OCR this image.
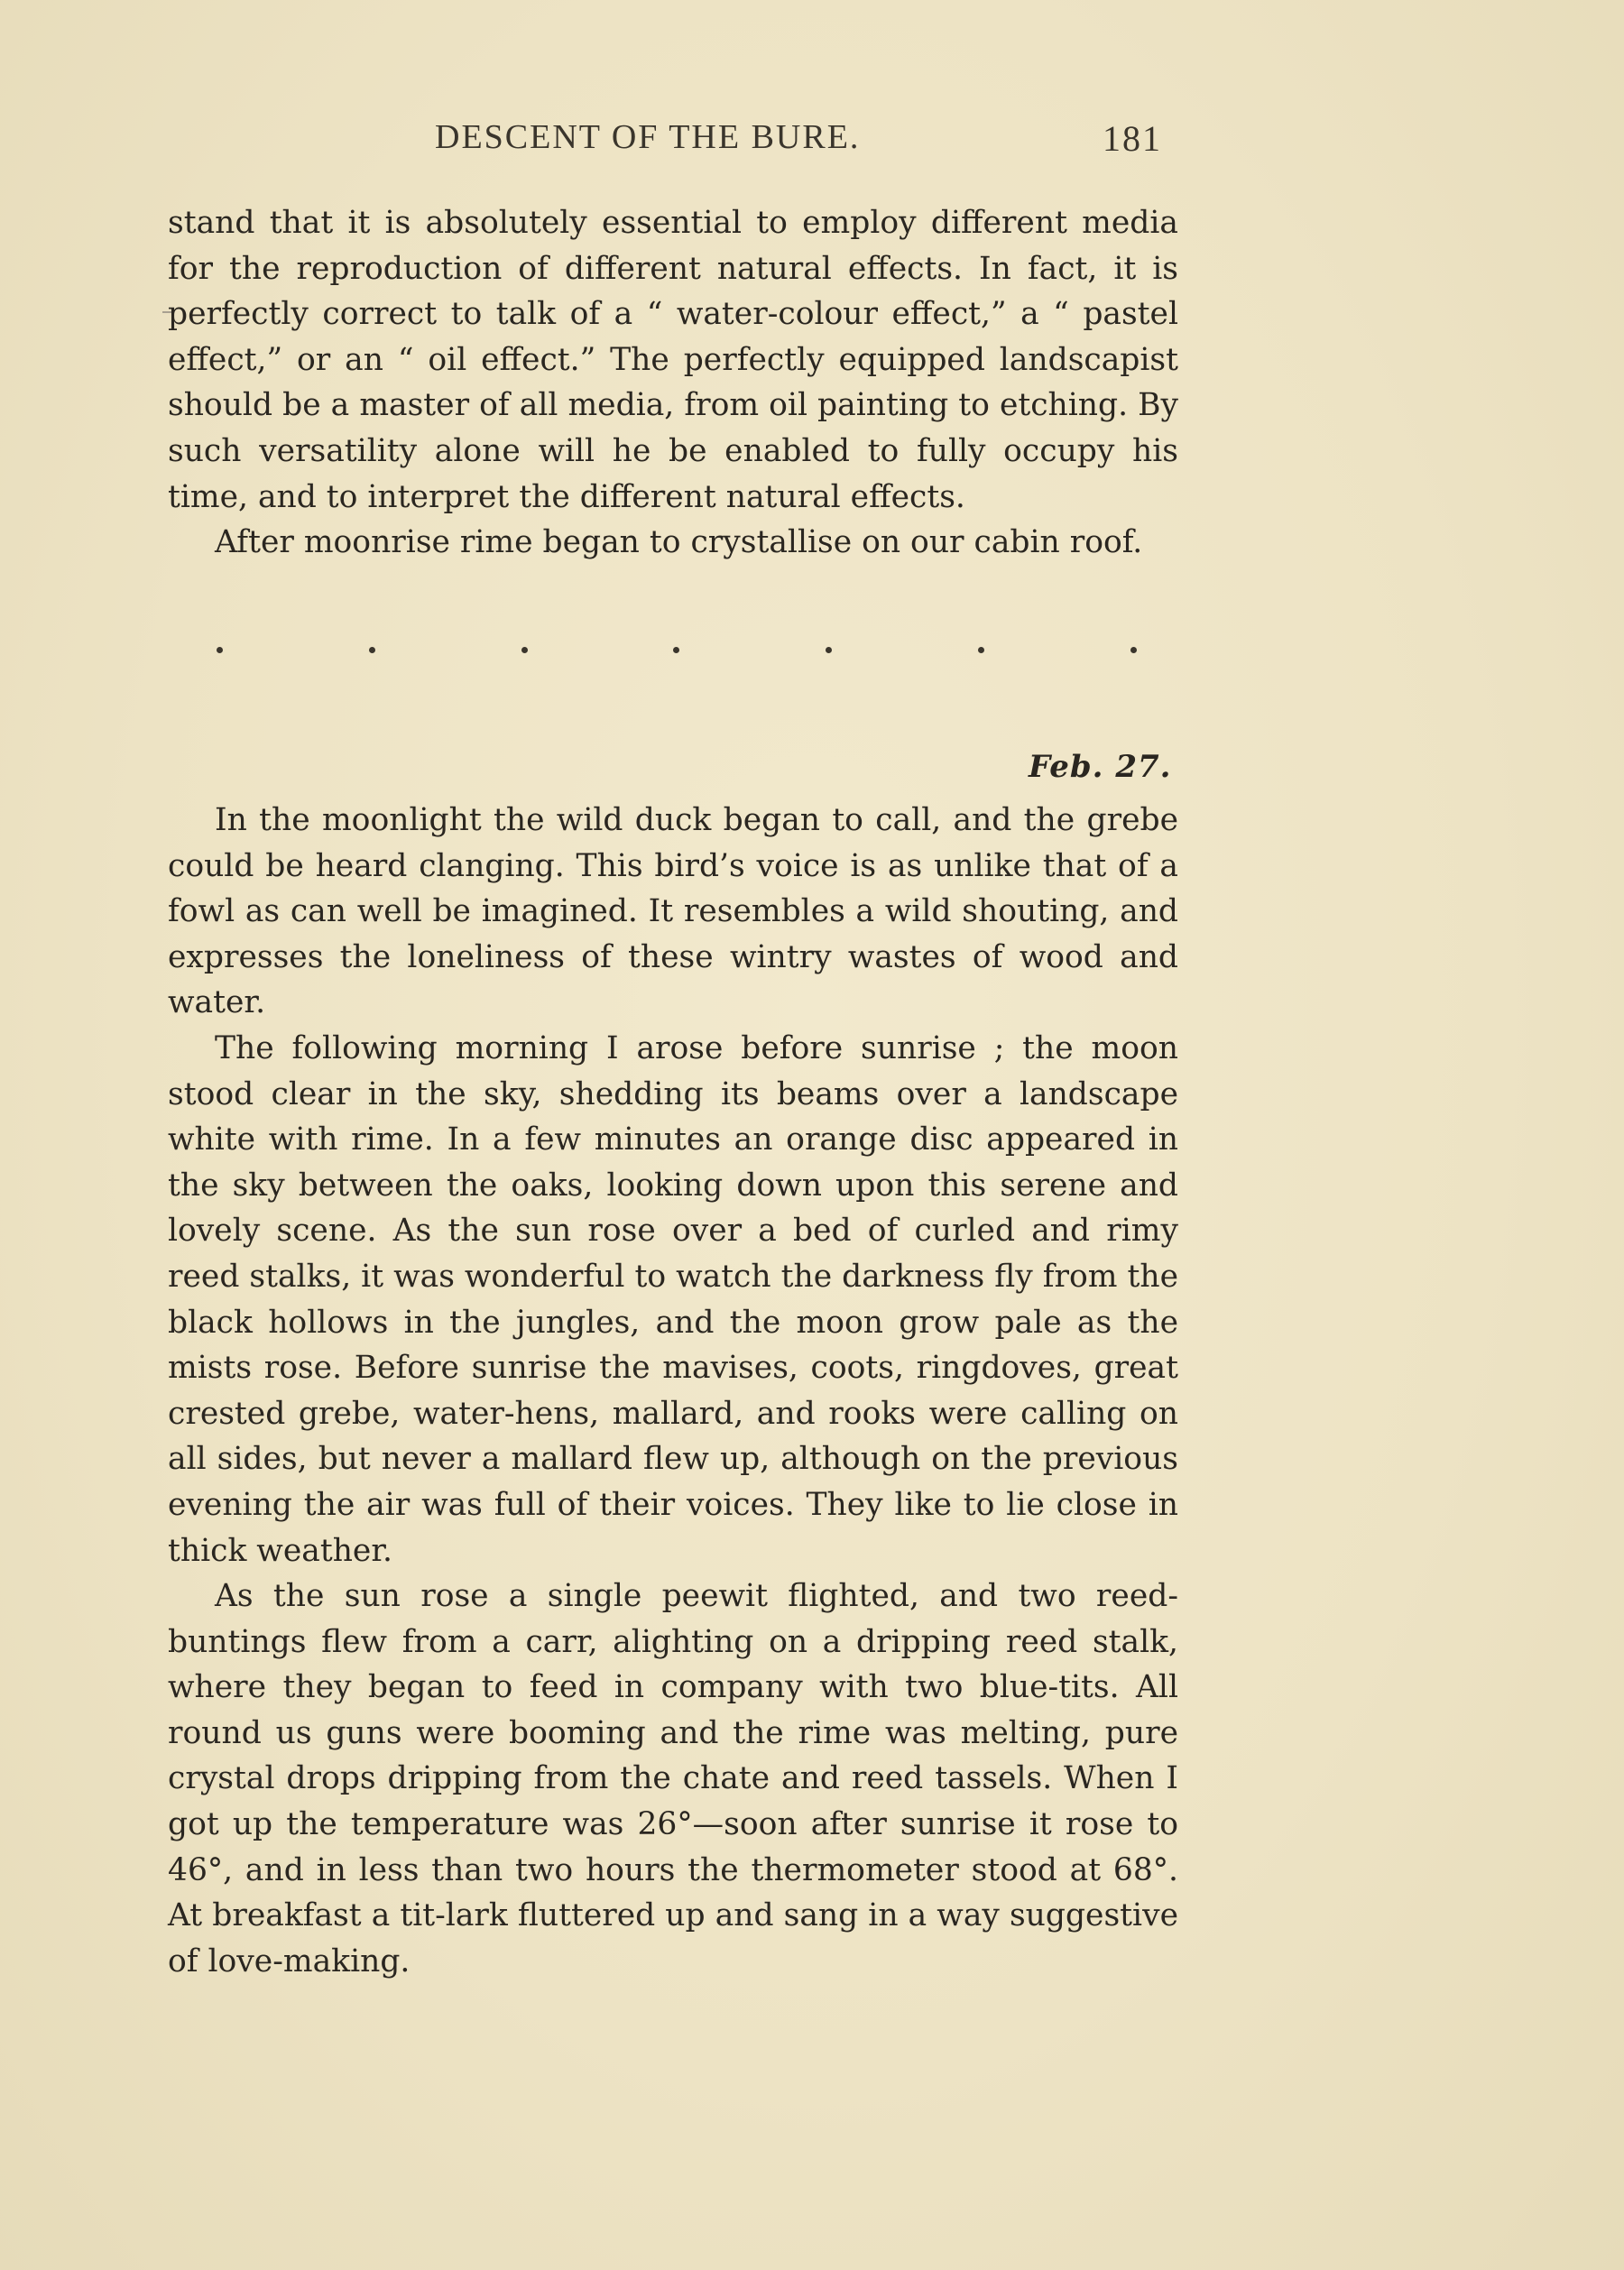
DESCENT OF THE BURE.	181

stand that it is absolutely essential to employ different media for the reproduction of different natural effects. In fact, it is perfectly correct to talk of a “ water-colour effect,” a “ pastel effect,” or an “ oil effect.” The perfectly equipped landscapist should be a master of all media, from oil painting to etching. By such versatility alone will he be enabled to fully occupy his time, and to interpret the different natural effects.

After moonrise rime began to crystallise on our cabin roof.

Feb. 27.

In the moonlight the wild duck began to call, and the grebe could be heard clanging. This bird’s voice is as unlike that of a fowl as can well be imagined. It resembles a wild shouting, and expresses the loneliness of these wintry wastes of wood and water.

The following morning I arose before sunrise ; the moon stood clear in the sky, shedding its beams over a landscape white with rime. In a few minutes an orange disc appeared in the sky between the oaks, looking down upon this serene and lovely scene. As the sun rose over a bed of curled and rimy reed stalks, it was wonderful to watch the darkness fly from the black hollows in the jungles, and the moon grow pale as the mists rose. Before sunrise the mavises, coots, ringdoves, great crested grebe, water-hens, mallard, and rooks were calling on all sides, but never a mallard flew up, although on the previous evening the air was full of their voices. They like to lie close in thick weather.

As the sun rose a single peewit flighted, and two reed-buntings flew from a carr, alighting on a dripping reed stalk, where they began to feed in company with two blue-tits. All round us guns were booming and the rime was melting, pure crystal drops dripping from the chate and reed tassels. When I got up the temperature was 26°—soon after sunrise it rose to 46°, and in less than two hours the thermometer stood at 68°. At breakfast a tit-lark fluttered up and sang in a way suggestive of love-making.
